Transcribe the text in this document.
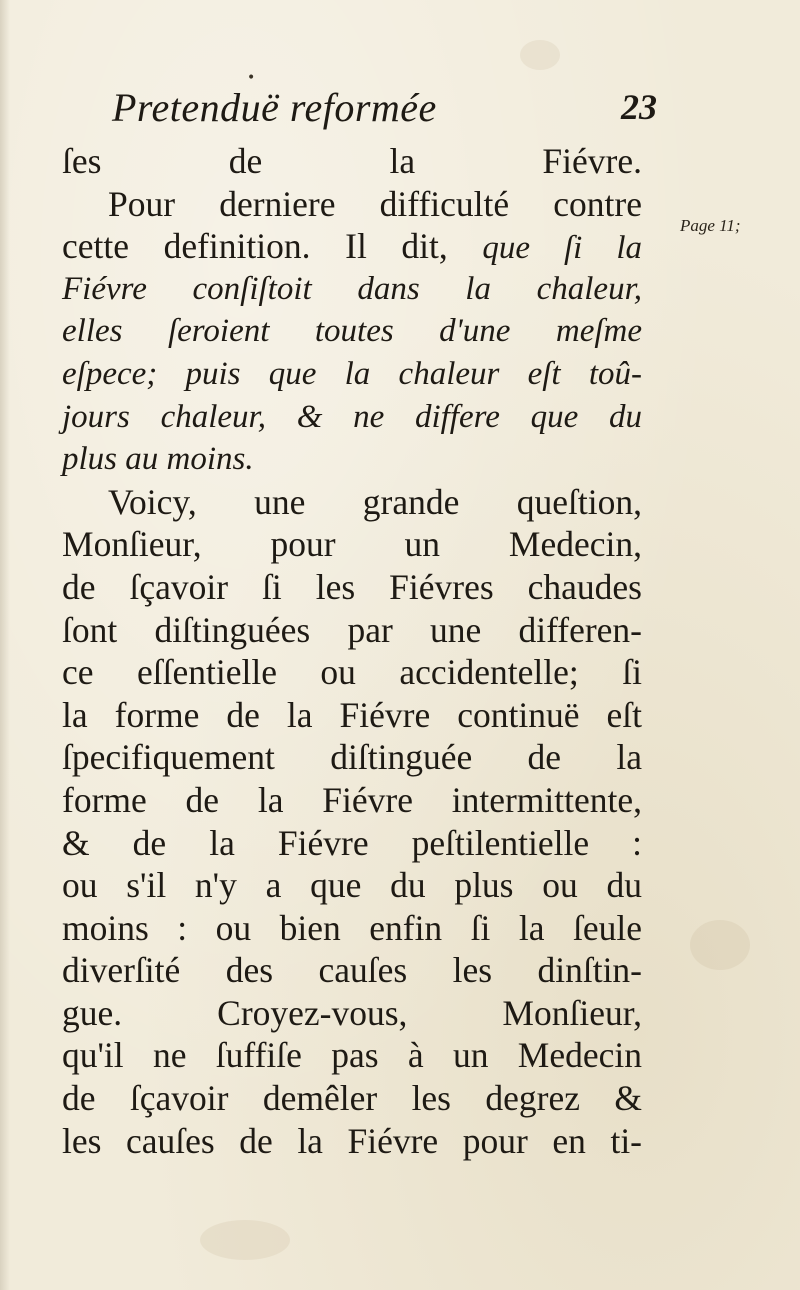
•
Pretenduë reformée	23
Page 11;
ſes de la Fiévre.
Pour derniere difficulté contre
cette definition. Il dit, que ſi la
Fiévre conſiſtoit dans la chaleur,
elles ſeroient toutes d'une meſme
eſpece; puis que la chaleur eſt toû-
jours chaleur, & ne differe que du
plus au moins.
Voicy, une grande queſtion,
Monſieur, pour un Medecin,
de ſçavoir ſi les Fiévres chaudes
ſont diſtinguées par une differen-
ce eſſentielle ou accidentelle; ſi
la forme de la Fiévre continuë eſt
ſpecifiquement diſtinguée de la
forme de la Fiévre intermittente,
& de la Fiévre peſtilentielle :
ou s'il n'y a que du plus ou du
moins : ou bien enfin ſi la ſeule
diverſité des cauſes les dinſtin-
gue. Croyez-vous, Monſieur,
qu'il ne ſuffiſe pas à un Medecin
de ſçavoir demêler les degrez &
les cauſes de la Fiévre pour en ti-
